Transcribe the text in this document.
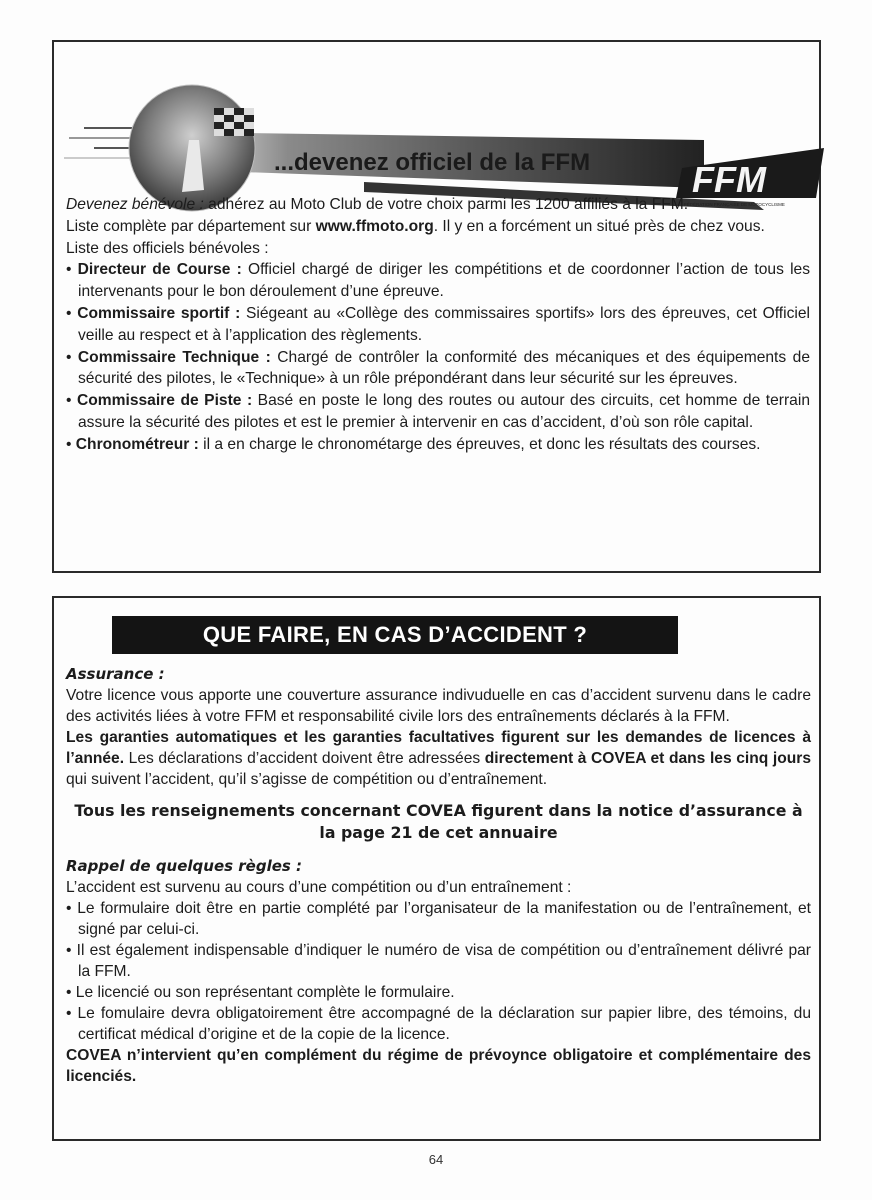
...devenez officiel de la FFM	FFM
FÉDÉRATION FRANÇAISE DE MOTOCYCLISME

Devenez bénévole : adhérez au Moto Club de votre choix parmi les 1200 affiliés à la FFM.

Liste complète par département sur www.ffmoto.org. Il y en a forcément un situé près de chez vous.

Liste des officiels bénévoles :

• Directeur de Course : Officiel chargé de diriger les compétitions et de coordonner l’action de tous les intervenants pour le bon déroulement d’une épreuve.

• Commissaire sportif : Siégeant au «Collège des commissaires sportifs» lors des épreuves, cet Officiel veille au respect et à l’application des règlements.

• Commissaire Technique : Chargé de contrôler la conformité des mécaniques et des équipements de sécurité des pilotes, le «Technique» à un rôle prépondérant dans leur sécurité sur les épreuves.

• Commissaire de Piste : Basé en poste le long des routes ou autour des circuits, cet homme de terrain assure la sécurité des pilotes et est le premier à intervenir en cas d’accident, d’où son rôle capital.

• Chronométreur : il a en charge le chronométarge des épreuves, et donc les résultats des courses.

QUE FAIRE, EN CAS D’ACCIDENT ?

Assurance :

Votre licence vous apporte une couverture assurance indivuduelle en cas d’accident survenu dans le cadre des activités liées à votre FFM et responsabilité civile lors des entraînements déclarés à la FFM.

Les garanties automatiques et les garanties facultatives figurent sur les demandes de licences à l’année. Les déclarations d’accident doivent être adressées directement à COVEA et dans les cinq jours qui suivent l’accident, qu’il s’agisse de compétition ou d’entraînement.

Tous les renseignements concernant COVEA figurent dans la notice d’assurance à la page 21 de cet annuaire

Rappel de quelques règles :

L’accident est survenu au cours d’une compétition ou d’un entraînement :

• Le formulaire doit être en partie complété par l’organisateur de la manifestation ou de l’entraînement, et signé par celui-ci.

• Il est également indispensable d’indiquer le numéro de visa de compétition ou d’entraînement délivré par la FFM.

• Le licencié ou son représentant complète le formulaire.

• Le fomulaire devra obligatoirement être accompagné de la déclaration sur papier libre, des témoins, du certificat médical d’origine et de la copie de la licence.

COVEA n’intervient qu’en complément du régime de prévoynce obligatoire et complémentaire des licenciés.

64
